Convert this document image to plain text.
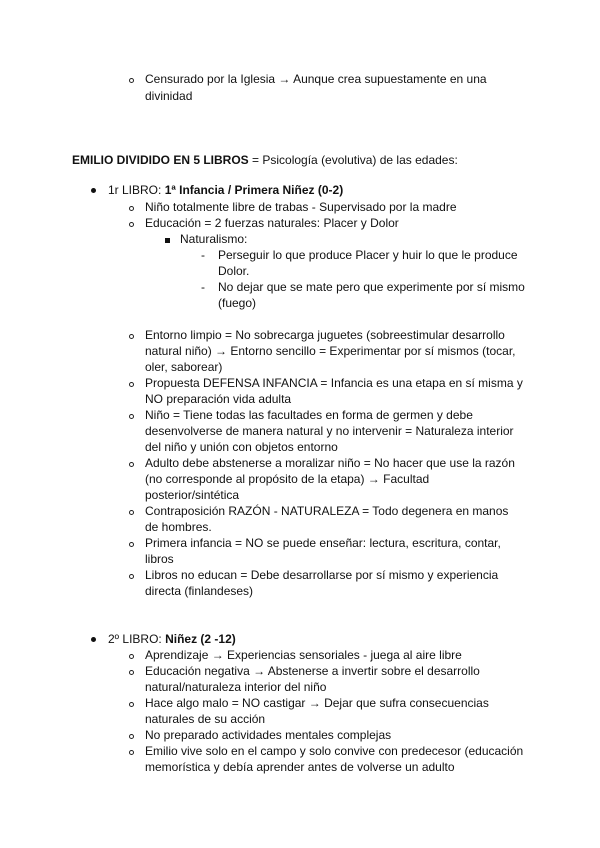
Censurado por la Iglesia → Aunque crea supuestamente en una
divinidad
EMILIO DIVIDIDO EN 5 LIBROS = Psicología (evolutiva) de las edades:
1r LIBRO: 1ª Infancia / Primera Niñez (0-2)
Niño totalmente libre de trabas - Supervisado por la madre
Educación = 2 fuerzas naturales: Placer y Dolor
Naturalismo:
- Perseguir lo que produce Placer y huir lo que le produce
Dolor.
- No dejar que se mate pero que experimente por sí mismo
(fuego)
Entorno limpio = No sobrecarga juguetes (sobreestimular desarrollo
natural niño) → Entorno sencillo = Experimentar por sí mismos (tocar,
oler, saborear)
Propuesta DEFENSA INFANCIA = Infancia es una etapa en sí misma y
NO preparación vida adulta
Niño = Tiene todas las facultades en forma de germen y debe
desenvolverse de manera natural y no intervenir = Naturaleza interior
del niño y unión con objetos entorno
Adulto debe abstenerse a moralizar niño = No hacer que use la razón
(no corresponde al propósito de la etapa) → Facultad
posterior/sintética
Contraposición RAZÓN - NATURALEZA = Todo degenera en manos
de hombres.
Primera infancia = NO se puede enseñar: lectura, escritura, contar,
libros
Libros no educan = Debe desarrollarse por sí mismo y experiencia
directa (finlandeses)
2º LIBRO: Niñez (2 -12)
Aprendizaje → Experiencias sensoriales - juega al aire libre
Educación negativa → Abstenerse a invertir sobre el desarrollo
natural/naturaleza interior del niño
Hace algo malo = NO castigar → Dejar que sufra consecuencias
naturales de su acción
No preparado actividades mentales complejas
Emilio vive solo en el campo y solo convive con predecesor (educación
memorística y debía aprender antes de volverse un adulto
